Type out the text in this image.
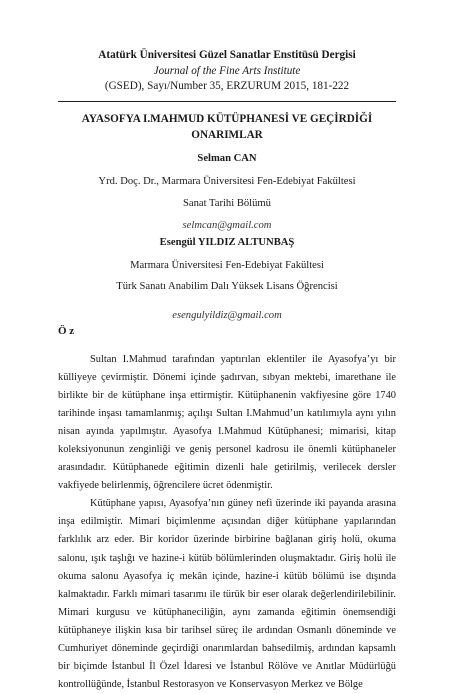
Atatürk Üniversitesi Güzel Sanatlar Enstitüsü Dergisi
Journal of the Fine Arts Institute
(GSED), Sayı/Number 35, ERZURUM 2015, 181-222
AYASOFYA I.MAHMUD KÜTÜPHANESİ VE GEÇİRDİĞİ
ONARIMLAR
Selman CAN
Yrd. Doç. Dr., Marmara Üniversitesi Fen-Edebiyat Fakültesi
Sanat Tarihi Bölümü
selmcan@gmail.com
Esengül YILDIZ ALTUNBAŞ
Marmara Üniversitesi Fen-Edebiyat Fakültesi
Türk Sanatı Anabilim Dalı Yüksek Lisans Öğrencisi
esengulyildiz@gmail.com
Ö z

Sultan I.Mahmud tarafından yaptırılan eklentiler ile Ayasofya’yı bir külliyeye çevirmiştir. Dönemi içinde şadırvan, sıbyan mektebi, imarethane ile birlikte bir de kütüphane inşa ettirmiştir. Kütüphanenin vakfiyesine göre 1740 tarihinde inşası tamamlanmış; açılışı Sultan I.Mahmud’un katılımıyla aynı yılın nisan ayında yapılmıştır. Ayasofya I.Mahmud Kütüphanesi; mimarisi, kitap koleksiyonunun zenginliği ve geniş personel kadrosu ile önemli kütüphaneler arasındadır. Kütüphanede eğitimin dizenli hale getirilmiş, verilecek dersler vakfiyede belirlenmiş, öğrencilere ücret ödenmiştir.

Kütüphane yapısı, Ayasofya’nın güney nefi üzerinde iki payanda arasına inşa edilmiştir. Mimari biçimlenme açısından diğer kütüphane yapılarından farklılık arz eder. Bir koridor üzerinde birbirine bağlanan giriş holü, okuma salonu, ışık taşlığı ve hazine-i kütüb bölümlerinden oluşmaktadır. Giriş holü ile okuma salonu Ayasofya iç mekân içinde, hazine-i kütüb bölümü ise dışında kalmaktadır. Farklı mimari tasarımı ile türük bir eser olarak değerlendirilebilinir. Mimari kurgusu ve kütüphaneciliğin, aynı zamanda eğitimin önemsendiği kütüphaneye ilişkin kısa bir tarihsel süreç ile ardından Osmanlı döneminde ve Cumhuriyet döneminde geçirdiği onarımlardan bahsedilmiş, ardından kapsamlı bir biçimde İstanbul İl Özel İdaresi ve İstanbul Rölöve ve Anıtlar Müdürlüğü kontrollüğünde, İstanbul Restorasyon ve Konservasyon Merkez ve Bölge
